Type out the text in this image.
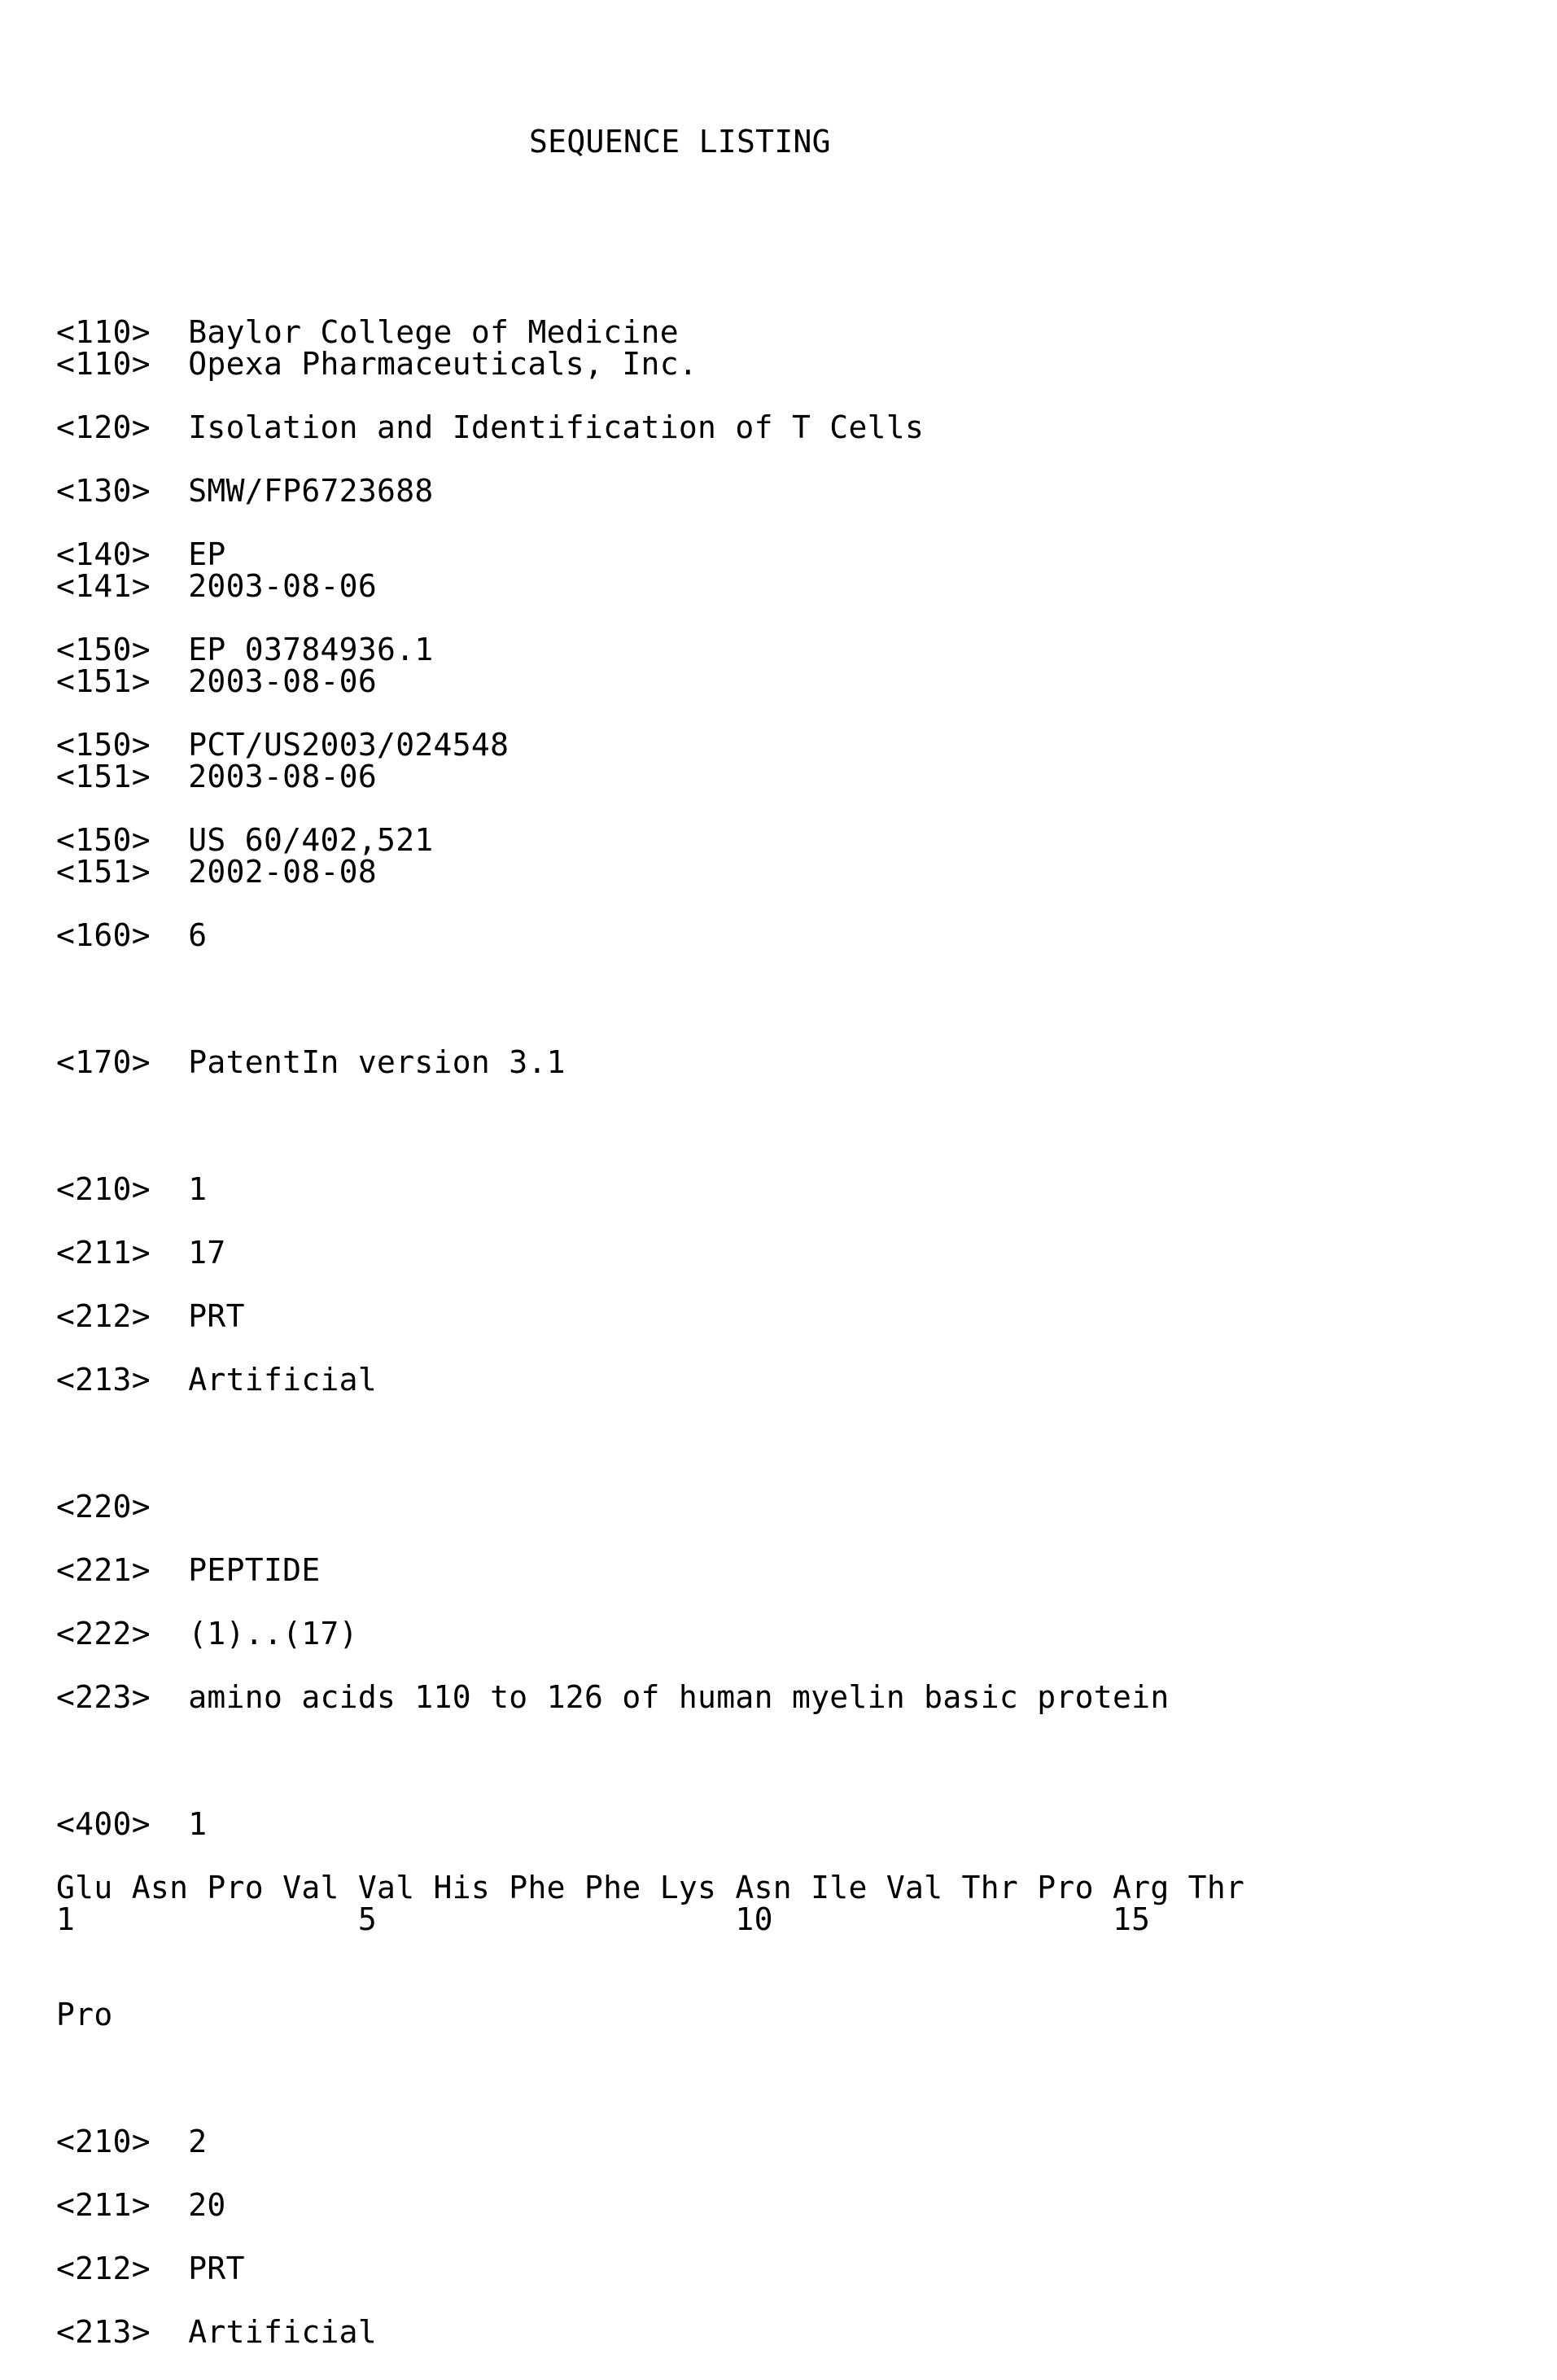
SEQUENCE LISTING

<110>  Baylor College of Medicine
<110>  Opexa Pharmaceuticals, Inc.

<120>  Isolation and Identification of T Cells

<130>  SMW/FP6723688

<140>  EP
<141>  2003-08-06

<150>  EP 03784936.1
<151>  2003-08-06

<150>  PCT/US2003/024548
<151>  2003-08-06

<150>  US 60/402,521
<151>  2002-08-08

<160>  6

<170>  PatentIn version 3.1

<210>  1

<211>  17

<212>  PRT

<213>  Artificial

<220>

<221>  PEPTIDE

<222>  (1)..(17)

<223>  amino acids 110 to 126 of human myelin basic protein

<400>  1

Glu Asn Pro Val Val His Phe Phe Lys Asn Ile Val Thr Pro Arg Thr
1               5                   10                  15

Pro

<210>  2

<211>  20

<212>  PRT

<213>  Artificial
